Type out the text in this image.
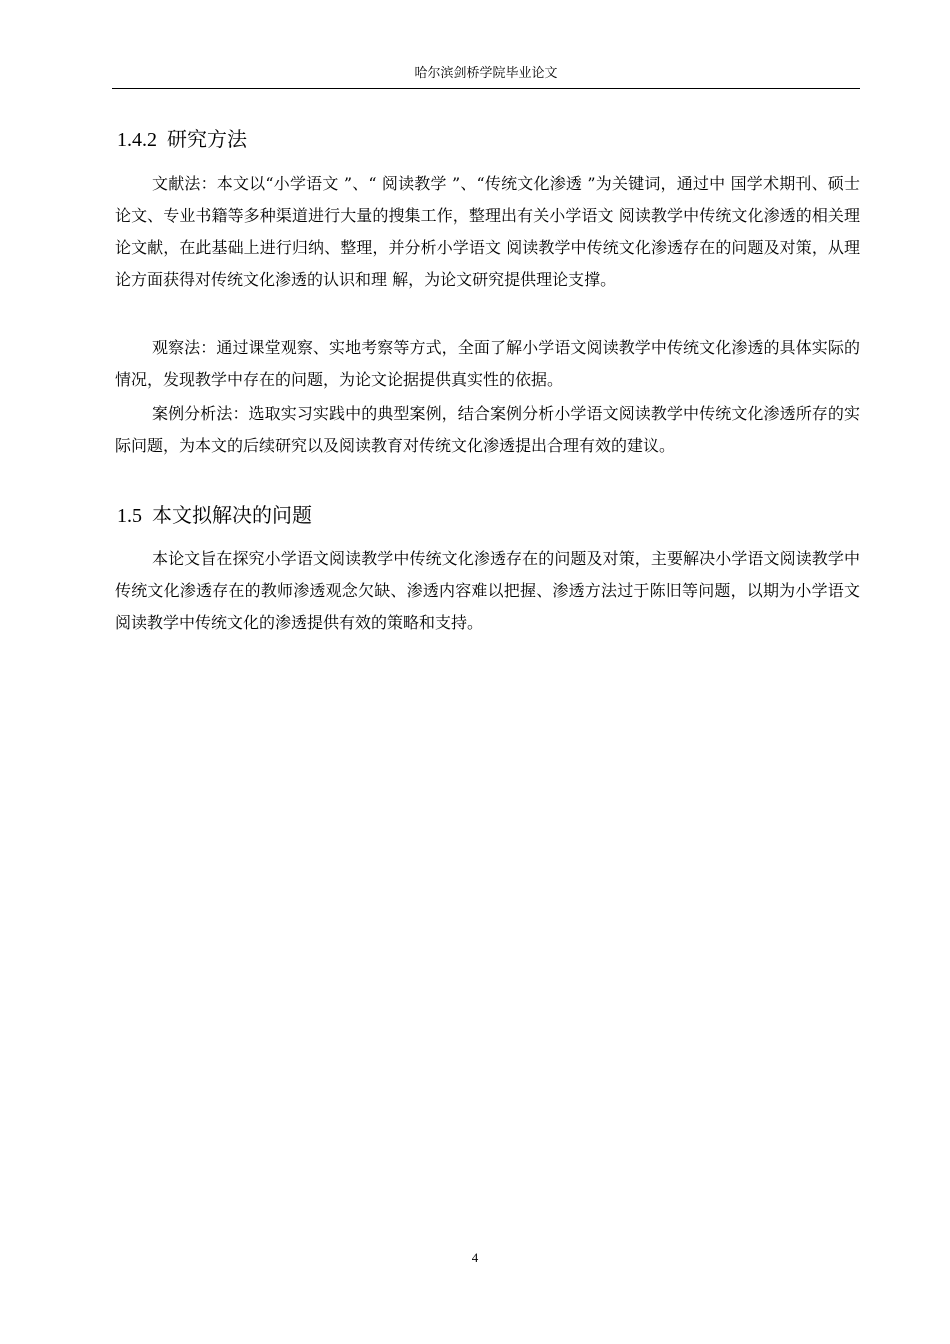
哈尔滨剑桥学院毕业论文
1.4.2 研究方法

文献法：本文以“小学语文 ”、“ 阅读教学 ”、“传统文化渗透 ”为关键词，通过中 国学术期刊、硕士论文、专业书籍等多种渠道进行大量的搜集工作，整理出有关小学语文 阅读教学中传统文化渗透的相关理论文献，在此基础上进行归纳、整理，并分析小学语文 阅读教学中传统文化渗透存在的问题及对策，从理论方面获得对传统文化渗透的认识和理 解，为论文研究提供理论支撑。

观察法：通过课堂观察、实地考察等方式，全面了解小学语文阅读教学中传统文化渗透的具体实际的情况，发现教学中存在的问题，为论文论据提供真实性的依据。

案例分析法：选取实习实践中的典型案例，结合案例分析小学语文阅读教学中传统文化渗透所存的实际问题，为本文的后续研究以及阅读教育对传统文化渗透提出合理有效的建议。

1.5 本文拟解决的问题

本论文旨在探究小学语文阅读教学中传统文化渗透存在的问题及对策，主要解决小学语文阅读教学中传统文化渗透存在的教师渗透观念欠缺、渗透内容难以把握、渗透方法过于陈旧等问题，以期为小学语文阅读教学中传统文化的渗透提供有效的策略和支持。

4
